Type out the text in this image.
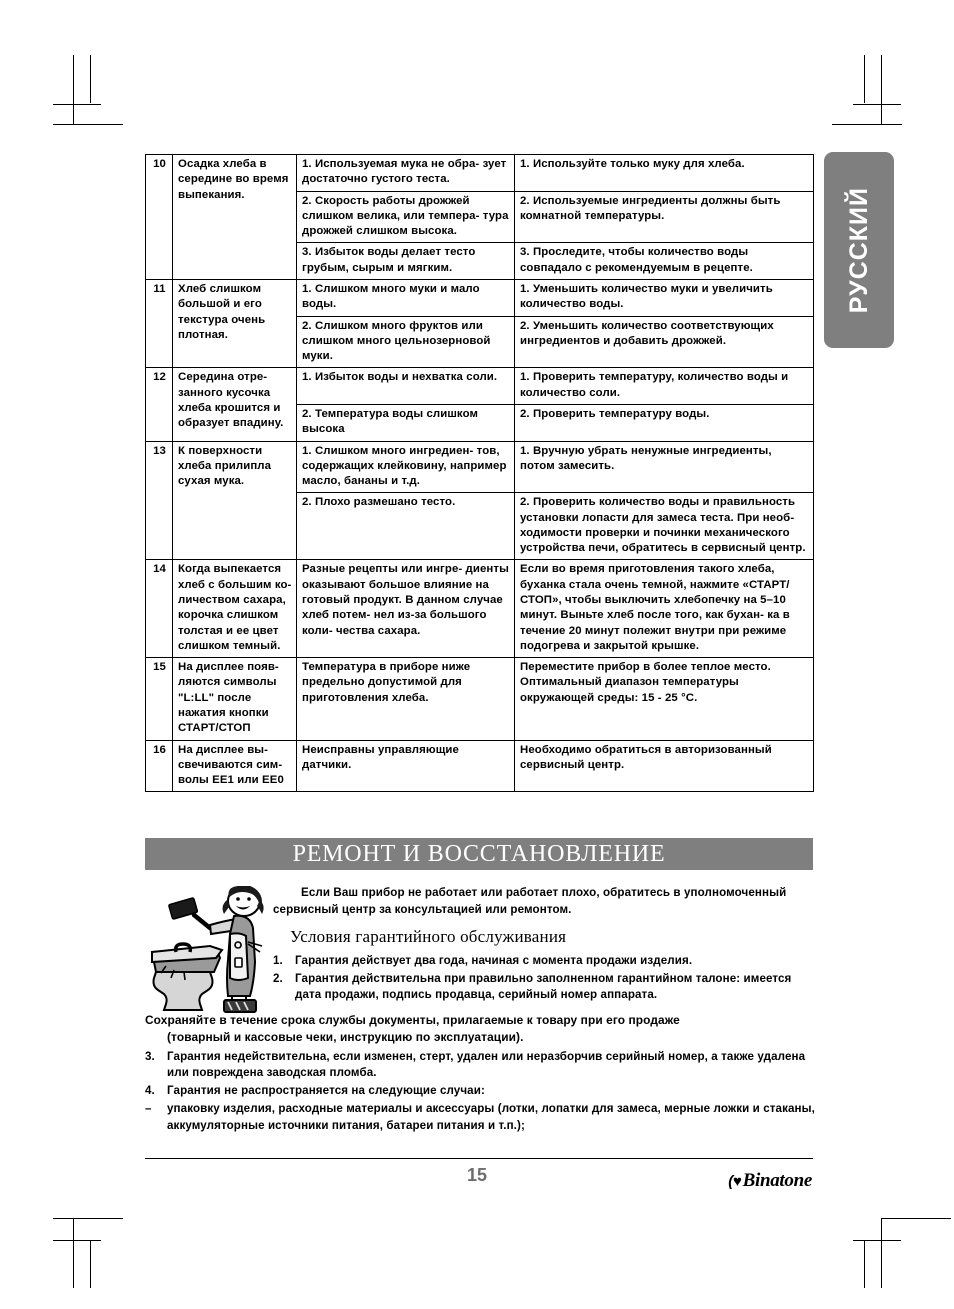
РУССКИЙ
10	Осадка хлеба в середине во время выпекания.	1. Используемая мука не обра- зует достаточно густого теста.	1. Используйте только муку для хлеба.
		2. Скорость работы дрожжей слишком велика, или темпера- тура дрожжей слишком высока.	2. Используемые ингредиенты должны быть комнатной температуры.
		3. Избыток воды делает тесто грубым, сырым и мягким.	3. Проследите, чтобы количество воды совпадало с рекомендуемым в рецепте.
11	Хлеб слишком большой и его текстура очень плотная.	1. Слишком много муки и мало воды.	1. Уменьшить количество муки и увеличить количество воды.
		2. Слишком много фруктов или слишком много цельнозерновой муки.	2. Уменьшить количество соответствующих ингредиентов и добавить дрожжей.
12	Середина отре- занного кусочка хлеба крошится и образует впадину.	1. Избыток воды и нехватка соли.	1. Проверить температуру, количество воды и количество соли.
		2. Температура воды слишком высока	2. Проверить температуру воды.
13	К поверхности хлеба прилипла сухая мука.	1. Слишком много ингредиен- тов, содержащих клейковину, например масло, бананы и т.д.	1. Вручную убрать ненужные ингредиенты, потом замесить.
		2. Плохо размешано тесто.	2. Проверить количество воды и правильность установки лопасти для замеса теста. При необ- ходимости проверки и починки механического устройства печи, обратитесь в сервисный центр.
14	Когда выпекается хлеб с большим ко- личеством сахара, корочка слишком толстая и ее цвет слишком темный.	Разные рецепты или ингре- диенты оказывают большое влияние на готовый продукт. В данном случае хлеб потем- нел из-за большого коли- чества сахара.	Если во время приготовления такого хлеба, буханка стала очень темной, нажмите «СТАРТ/СТОП», чтобы выключить хлебопечку на 5–10 минут. Выньте хлеб после того, как бухан- ка в течение 20 минут полежит внутри при режиме подогрева и закрытой крышке.
15	На дисплее появ- ляются символы "L:LL" после нажатия кнопки СТАРТ/СТОП	Температура в приборе ниже предельно допустимой для приготовления хлеба.	Переместите прибор в более теплое место. Оптимальный диапазон температуры окружающей среды: 15 - 25 °C.
16	На дисплее вы- свечиваются сим- волы EE1 или EE0	Неисправны управляющие датчики.	Необходимо обратиться в авторизованный сервисный центр.
РЕМОНТ И ВОССТАНОВЛЕНИЕ
Если Ваш прибор не работает или работает плохо, обратитесь в уполномоченный сервисный центр за консультацией или ремонтом.
Условия гарантийного обслуживания
1.	Гарантия действует два года, начиная с момента продажи изделия.
2.	Гарантия действительна при правильно заполненном гарантийном талоне: имеется дата продажи, подпись продавца, серийный номер аппарата.
Сохраняйте в течение срока службы документы, прилагаемые к товару при его продаже
(товарный и кассовые чеки, инструкцию по эксплуатации).
3.	Гарантия недействительна, если изменен, стерт, удален или неразборчив серийный номер, а также удалена или повреждена заводская пломба.
4.	Гарантия не распространяется на следующие случаи:
–	упаковку изделия, расходные материалы и аксессуары (лотки, лопатки для замеса, мерные ложки и стаканы, аккумуляторные источники питания, батареи питания и т.п.);
15	(♥ Binatone
